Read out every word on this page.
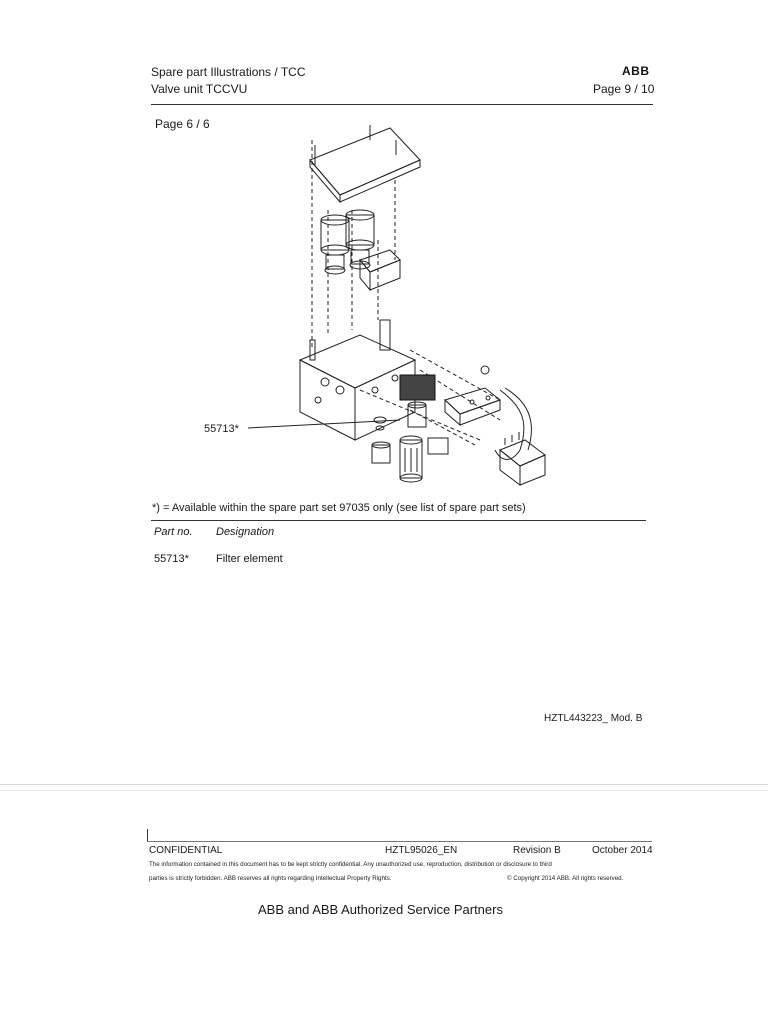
Spare part Illustrations / TCC
Valve unit TCCVU
ABB
Page 9 / 10
Page 6 / 6
55713*
*) = Available within the spare part set 97035 only (see list of spare part sets)
Part no. Designation
55713* Filter element
HZTL443223_ Mod. B
CONFIDENTIAL	HZTL95026_EN	Revision B	October 2014
The information contained in this document has to be kept strictly confidential. Any unauthorized use, reproduction, distribution or disclosure to third
parties is strictly forbidden. ABB reserves all rights regarding Intellectual Property Rights.	© Copyright 2014 ABB. All rights reserved.
ABB and ABB Authorized Service Partners
